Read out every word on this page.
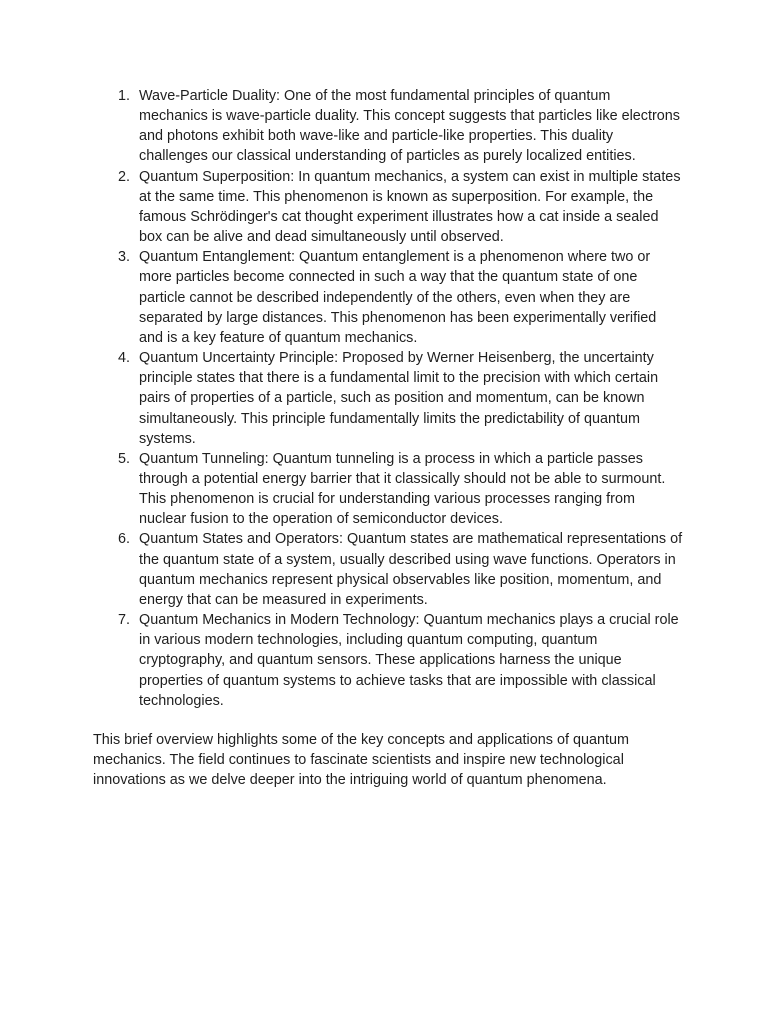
1. Wave-Particle Duality: One of the most fundamental principles of quantum mechanics is wave-particle duality. This concept suggests that particles like electrons and photons exhibit both wave-like and particle-like properties. This duality challenges our classical understanding of particles as purely localized entities.
2. Quantum Superposition: In quantum mechanics, a system can exist in multiple states at the same time. This phenomenon is known as superposition. For example, the famous Schrödinger's cat thought experiment illustrates how a cat inside a sealed box can be alive and dead simultaneously until observed.
3. Quantum Entanglement: Quantum entanglement is a phenomenon where two or more particles become connected in such a way that the quantum state of one particle cannot be described independently of the others, even when they are separated by large distances. This phenomenon has been experimentally verified and is a key feature of quantum mechanics.
4. Quantum Uncertainty Principle: Proposed by Werner Heisenberg, the uncertainty principle states that there is a fundamental limit to the precision with which certain pairs of properties of a particle, such as position and momentum, can be known simultaneously. This principle fundamentally limits the predictability of quantum systems.
5. Quantum Tunneling: Quantum tunneling is a process in which a particle passes through a potential energy barrier that it classically should not be able to surmount. This phenomenon is crucial for understanding various processes ranging from nuclear fusion to the operation of semiconductor devices.
6. Quantum States and Operators: Quantum states are mathematical representations of the quantum state of a system, usually described using wave functions. Operators in quantum mechanics represent physical observables like position, momentum, and energy that can be measured in experiments.
7. Quantum Mechanics in Modern Technology: Quantum mechanics plays a crucial role in various modern technologies, including quantum computing, quantum cryptography, and quantum sensors. These applications harness the unique properties of quantum systems to achieve tasks that are impossible with classical technologies.

This brief overview highlights some of the key concepts and applications of quantum mechanics. The field continues to fascinate scientists and inspire new technological innovations as we delve deeper into the intriguing world of quantum phenomena.
